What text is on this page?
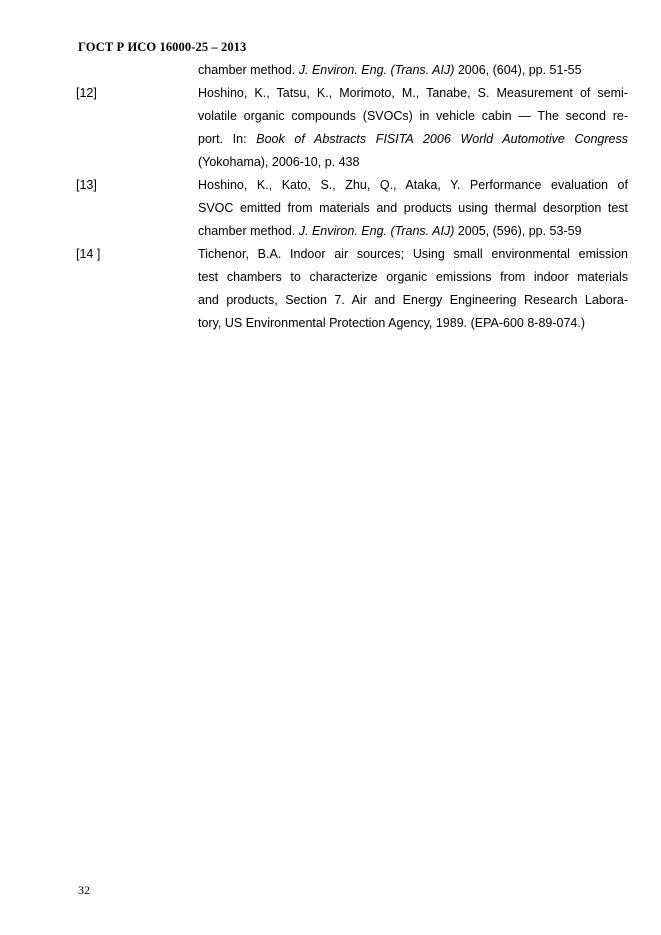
ГОСТ Р ИСО 16000-25 – 2013
chamber method. J. Environ. Eng. (Trans. AIJ) 2006, (604), pp. 51-55
[12]	Hoshino, K., Tatsu, K., Morimoto, M., Tanabe, S. Measurement of semi-
volatile organic compounds (SVOCs) in vehicle cabin — The second re-
port. In: Book of Abstracts FISITA 2006 World Automotive Congress
(Yokohama), 2006-10, p. 438
[13]	Hoshino, K., Kato, S., Zhu, Q., Ataka, Y. Performance evaluation of
SVOC emitted from materials and products using thermal desorption test
chamber method. J. Environ. Eng. (Trans. AIJ) 2005, (596), pp. 53-59
[14 ]	Tichenor, B.A. Indoor air sources; Using small environmental emission
test chambers to characterize organic emissions from indoor materials
and products, Section 7. Air and Energy Engineering Research Labora-
tory, US Environmental Protection Agency, 1989. (EPA-600 8-89-074.)
32
